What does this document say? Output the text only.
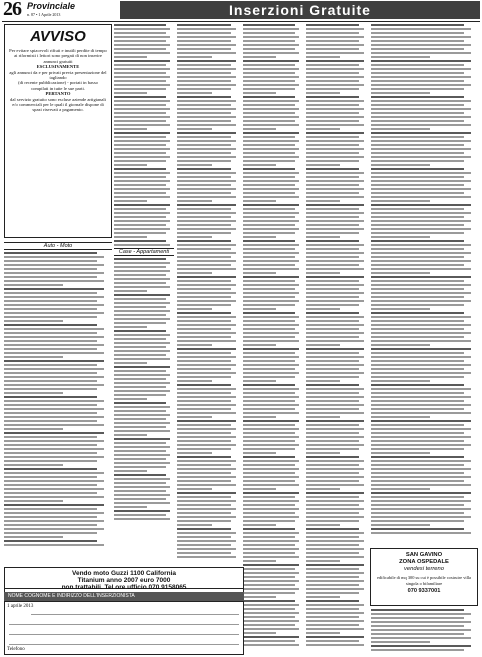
26 Provinciale
n. 87 • 1 Aprile 2013	Inserzioni Gratuite
AVVISO
Per evitare spiacevoli rifiuti e inutili perdite di tempo ai riformisti i lettori sono pregati di non inserire annunci gratuiti
ESCLUSIVAMENTE
agli annunci da e per privati previa presentazione del tagliando
(di recente pubblicazione) - portati in basso
compilati in tutte le sue parti.
PERTANTO
dal servizio gratuito sono escluse aziende artigianali e/o commerciali per le quali il giornale dispone di spazi riservati a pagamento.
Auto - Moto
Case - Appartamenti
Vendo moto Guzzi 1100 California
Titanium anno 2007 euro 7000
non trattabili. Tel ore ufficio 070 9158065
NOME COGNOME E INDIRIZZO DELL'INSERZIONISTA
1 aprile 2013
Telefono
SAN GAVINO
ZONA OSPEDALE
vendesi terreno
edificabile di mq 300 su cui è possibile costruire villa singola o bifamiliare
070 9337001
